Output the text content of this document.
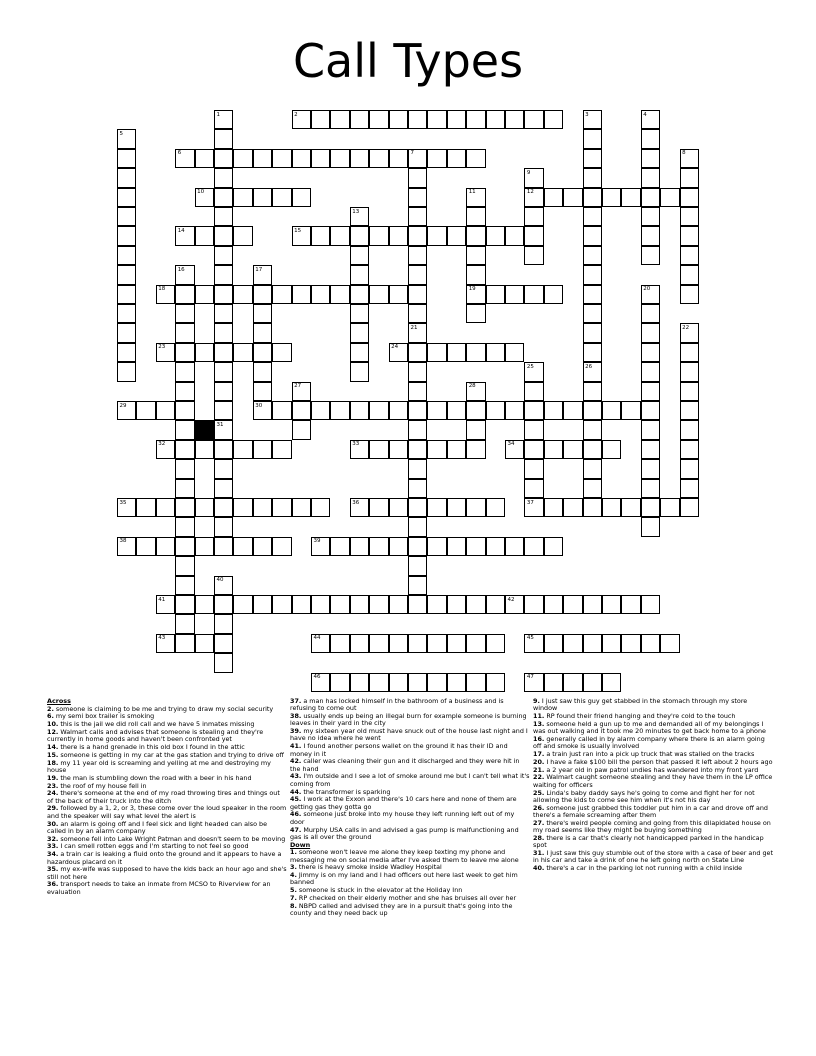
Call Types
1
31
2	3
26
4
5
6	7
21
8
9
12
10	11
19
13
14	15
16	17
18	20
22
23	24
25
37
27	28
29	30
32	33	34
35	36
38	39
40
41	42
43	44	45
46	47
Across
2. someone is claiming to be me and trying to draw my social security
6. my semi box trailer is smoking
10. this is the jail we did roll call and we have 5 inmates missing
12. Walmart calls and advises that someone is stealing and they're currently in home goods and haven't been confronted yet
14. there is a hand grenade in this old box I found in the attic
15. someone is getting in my car at the gas station and trying to drive off
18. my 11 year old is screaming and yelling at me and destroying my house
19. the man is stumbling down the road with a beer in his hand
23. the roof of my house fell in
24. there's someone at the end of my road throwing tires and things out of the back of their truck into the ditch
29. followed by a 1, 2, or 3, these come over the loud speaker in the room and the speaker will say what level the alert is
30. an alarm is going off and I feel sick and light headed can also be called in by an alarm company
32. someone fell into Lake Wright Patman and doesn't seem to be moving
33. I can smell rotten eggs and I'm starting to not feel so good
34. a train car is leaking a fluid onto the ground and it appears to have a hazardous placard on it
35. my ex-wife was supposed to have the kids back an hour ago and she's still not here
36. transport needs to take an inmate from MCSO to Riverview for an evaluation
37. a man has locked himself in the bathroom of a business and is refusing to come out
38. usually ends up being an illegal burn for example someone is burning leaves in their yard in the city
39. my sixteen year old must have snuck out of the house last night and I have no idea where he went
41. I found another persons wallet on the ground it has their ID and money in it
42. caller was cleaning their gun and it discharged and they were hit in the hand
43. I'm outside and I see a lot of smoke around me but I can't tell what it's coming from
44. the transformer is sparking
45. I work at the Exxon and there's 10 cars here and none of them are getting gas they gotta go
46. someone just broke into my house they left running left out of my door
47. Murphy USA calls in and advised a gas pump is malfunctioning and gas is all over the ground
Down
1. someone won't leave me alone they keep texting my phone and messaging me on social media after I've asked them to leave me alone
3. there is heavy smoke inside Wadley Hospital
4. Jimmy is on my land and I had officers out here last week to get him banned
5. someone is stuck in the elevator at the Holiday Inn
7. RP checked on their elderly mother and she has bruises all over her
8. NBPD called and advised they are in a pursuit that's going into the county and they need back up
9. I just saw this guy get stabbed in the stomach through my store window
11. RP found their friend hanging and they're cold to the touch
13. someone held a gun up to me and demanded all of my belongings I was out walking and it took me 20 minutes to get back home to a phone
16. generally called in by alarm company where there is an alarm going off and smoke is usually involved
17. a train just ran into a pick up truck that was stalled on the tracks
20. I have a fake $100 bill the person that passed it left about 2 hours ago
21. a 2 year old in paw patrol undies has wandered into my front yard
22. Walmart caught someone stealing and they have them in the LP office waiting for officers
25. Linda's baby daddy says he's going to come and fight her for not allowing the kids to come see him when it's not his day
26. someone just grabbed this toddler put him in a car and drove off and there's a female screaming after them
27. there's weird people coming and going from this dilapidated house on my road seems like they might be buying something
28. there is a car that's clearly not handicapped parked in the handicap spot
31. I just saw this guy stumble out of the store with a case of beer and get in his car and take a drink of one he left going north on State Line
40. there's a car in the parking lot not running with a child inside
